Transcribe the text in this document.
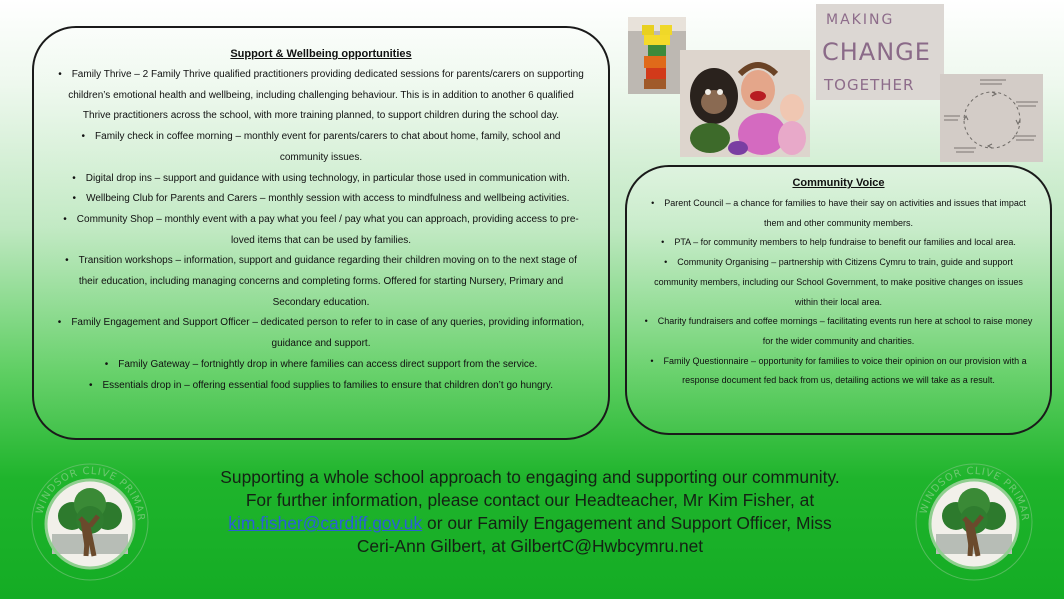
Support & Wellbeing opportunities
• Family Thrive – 2 Family Thrive qualified practitioners providing dedicated sessions for parents/carers on supporting children’s emotional health and wellbeing, including challenging behaviour. This is in addition to another 6 qualified Thrive practitioners across the school, with more training planned, to support children during the school day.
• Family check in coffee morning – monthly event for parents/carers to chat about home, family, school and community issues.
• Digital drop ins – support and guidance with using technology, in particular those used in communication with.
• Wellbeing Club for Parents and Carers – monthly session with access to mindfulness and wellbeing activities.
• Community Shop – monthly event with a pay what you feel / pay what you can approach, providing access to pre-loved items that can be used by families.
• Transition workshops – information, support and guidance regarding their children moving on to the next stage of their education, including managing concerns and completing forms. Offered for starting Nursery, Primary and Secondary education.
• Family Engagement and Support Officer – dedicated person to refer to in case of any queries, providing information, guidance and support.
• Family Gateway – fortnightly drop in where families can access direct support from the service.
• Essentials drop in – offering essential food supplies to families to ensure that children don’t go hungry.
MAKING
CHANGE
TOGETHER
Community Voice
• Parent Council – a chance for families to have their say on activities and issues that impact them and other community members.
• PTA – for community members to help fundraise to benefit our families and local area.
• Community Organising – partnership with Citizens Cymru to train, guide and support community members, including our School Government, to make positive changes on issues within their local area.
• Charity fundraisers and coffee mornings – facilitating events run here at school to raise money for the wider community and charities.
• Family Questionnaire – opportunity for families to voice their opinion on our provision with a response document fed back from us, detailing actions we will take as a result.
WINDSOR CLIVE PRIMAR
WINDSOR CLIVE PRIMAR
Supporting a whole school approach to engaging and supporting our community.
For further information, please contact our Headteacher, Mr Kim Fisher, at
kim.fisher@cardiff.gov.uk or our Family Engagement and Support Officer, Miss
Ceri-Ann Gilbert, at GilbertC@Hwbcymru.net
